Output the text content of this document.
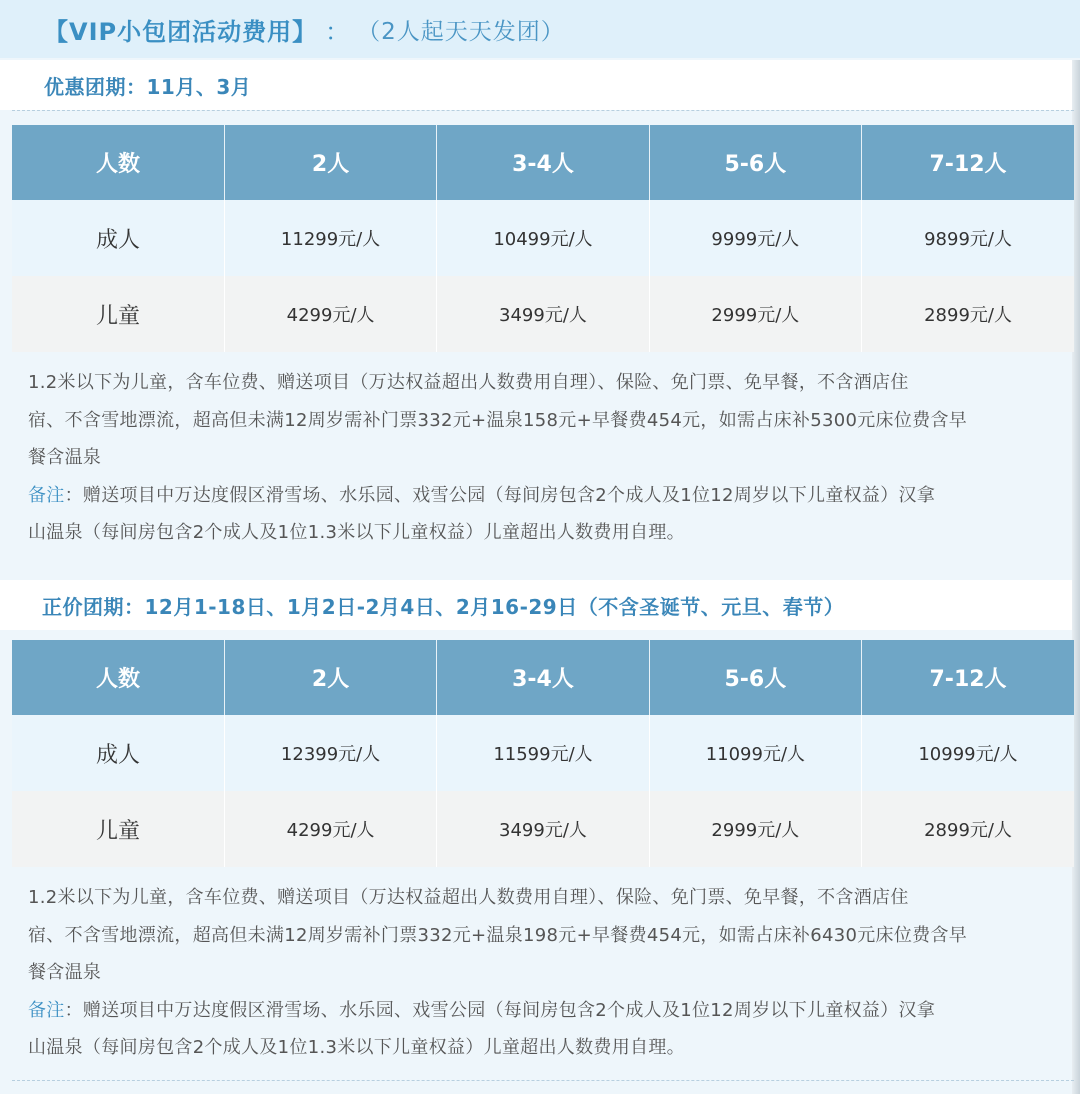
【VIP小包团活动费用】 ： （2人起天天发团）
优惠团期：11月、3月
人数	2人	3-4人	5-6人	7-12人
成人	11299元/人	10499元/人	9999元/人	9899元/人
儿童	4299元/人	3499元/人	2999元/人	2899元/人
1.2米以下为儿童，含车位费、赠送项目（万达权益超出人数费用自理）、保险、免门票、免早餐，不含酒店住
宿、不含雪地漂流，超高但未满12周岁需补门票332元+温泉158元+早餐费454元，如需占床补5300元床位费含早
餐含温泉
备注：赠送项目中万达度假区滑雪场、水乐园、戏雪公园（每间房包含2个成人及1位12周岁以下儿童权益）汉拿
山温泉（每间房包含2个成人及1位1.3米以下儿童权益）儿童超出人数费用自理。
正价团期：12月1-18日、1月2日-2月4日、2月16-29日（不含圣诞节、元旦、春节）
人数	2人	3-4人	5-6人	7-12人
成人	12399元/人	11599元/人	11099元/人	10999元/人
儿童	4299元/人	3499元/人	2999元/人	2899元/人
1.2米以下为儿童，含车位费、赠送项目（万达权益超出人数费用自理）、保险、免门票、免早餐，不含酒店住
宿、不含雪地漂流，超高但未满12周岁需补门票332元+温泉198元+早餐费454元，如需占床补6430元床位费含早
餐含温泉
备注：赠送项目中万达度假区滑雪场、水乐园、戏雪公园（每间房包含2个成人及1位12周岁以下儿童权益）汉拿
山温泉（每间房包含2个成人及1位1.3米以下儿童权益）儿童超出人数费用自理。
